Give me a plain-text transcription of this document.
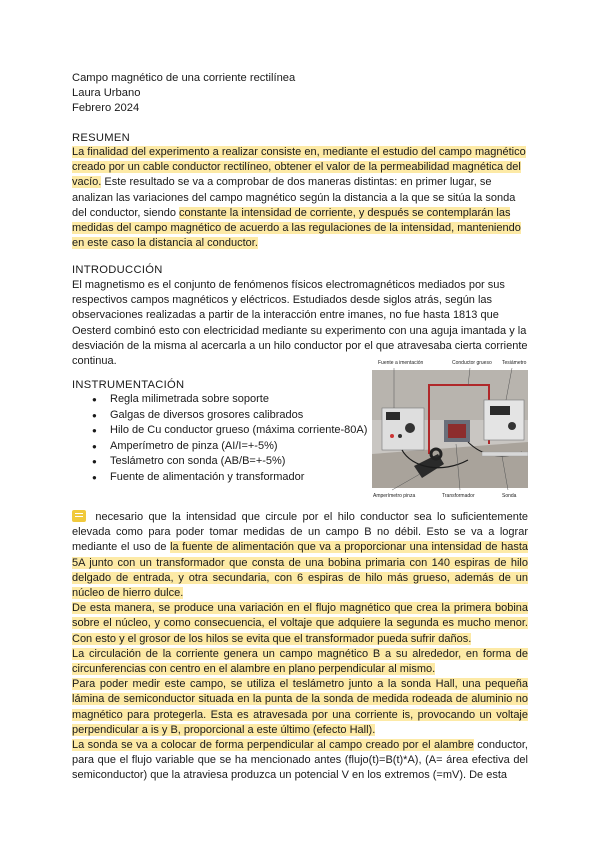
Campo magnético de una corriente rectilínea
Laura Urbano
Febrero 2024
RESUMEN
La finalidad del experimento a realizar consiste en, mediante el estudio del campo magnético creado por un cable conductor rectilíneo, obtener el valor de la permeabilidad magnética del vacío. Este resultado se va a comprobar de dos maneras distintas: en primer lugar, se analizan las variaciones del campo magnético según la distancia a la que se sitúa la sonda del conductor, siendo constante la intensidad de corriente, y después se contemplarán las medidas del campo magnético de acuerdo a las regulaciones de la intensidad, manteniendo en este caso la distancia al conductor.
INTRODUCCIÓN
El magnetismo es el conjunto de fenómenos físicos electromagnéticos mediados por sus respectivos campos magnéticos y eléctricos. Estudiados desde siglos atrás, según las observaciones realizadas a partir de la interacción entre imanes, no fue hasta 1813 que Oesterd combinó esto con electricidad mediante su experimento con una aguja imantada y la desviación de la misma al acercarla a un hilo conductor por el que atravesaba cierta corriente continua.
INSTRUMENTACIÓN
● Regla milimetrada sobre soporte
● Galgas de diversos grosores calibrados
● Hilo de Cu conductor grueso (máxima corriente-80A)
● Amperímetro de pinza (AI/I=+-5%)
● Teslámetro con sonda (AB/B=+-5%)
● Fuente de alimentación y transformador
Fuente a imentación	Conductor grueso Tesiámetro
Amperímetro pinza	Transformador	Sonda

necesario que la intensidad que circule por el hilo conductor sea lo suficientemente elevada como para poder tomar medidas de un campo B no débil. Esto se va a lograr mediante el uso de la fuente de alimentación que va a proporcionar una intensidad de hasta 5A junto con un transformador que consta de una bobina primaria con 140 espiras de hilo delgado de entrada, y otra secundaria, con 6 espiras de hilo más grueso, además de un núcleo de hierro dulce.

De esta manera, se produce una variación en el flujo magnético que crea la primera bobina sobre el núcleo, y como consecuencia, el voltaje que adquiere la segunda es mucho menor. Con esto y el grosor de los hilos se evita que el transformador pueda sufrir daños.

La circulación de la corriente genera un campo magnético B a su alrededor, en forma de circunferencias con centro en el alambre en plano perpendicular al mismo.

Para poder medir este campo, se utiliza el teslámetro junto a la sonda Hall, una pequeña lámina de semiconductor situada en la punta de la sonda de medida rodeada de aluminio no magnético para protegerla. Esta es atravesada por una corriente is, provocando un voltaje perpendicular a is y B, proporcional a este último (efecto Hall).

La sonda se va a colocar de forma perpendicular al campo creado por el alambre conductor, para que el flujo variable que se ha mencionado antes (flujo(t)=B(t)*A), (A= área efectiva del semiconductor) que la atraviesa produzca un potencial V en los extremos (=mV). De esta
